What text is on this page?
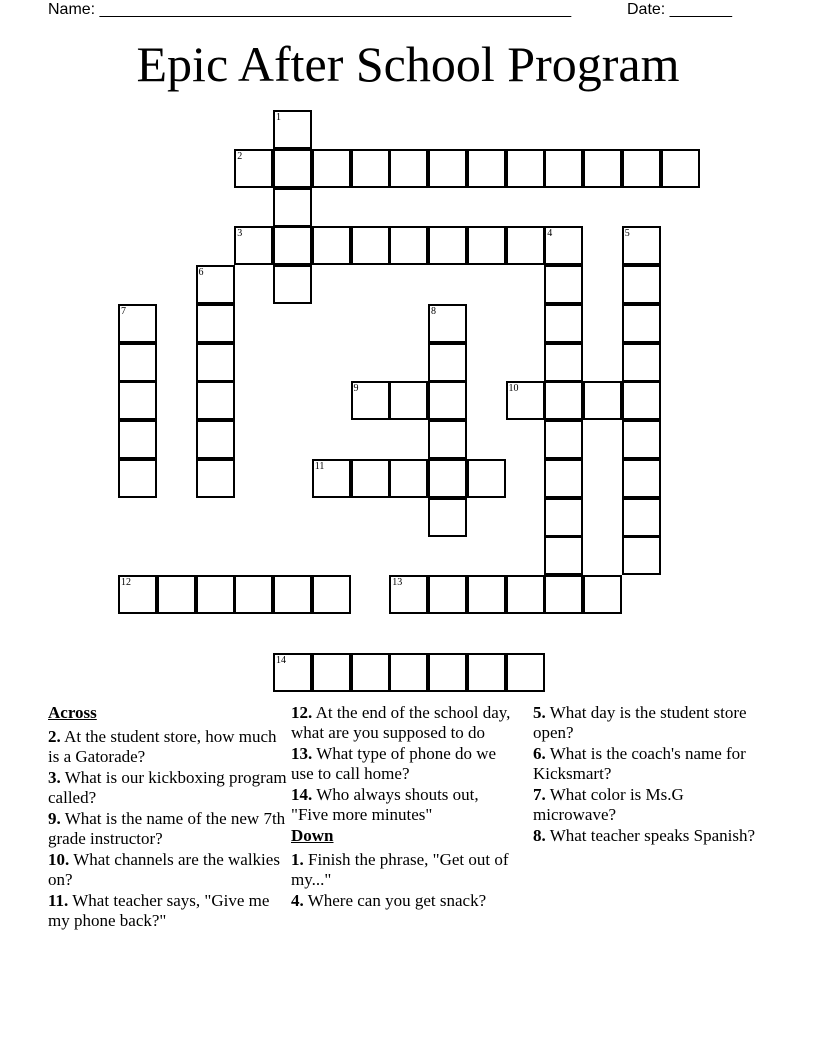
Name: _____________________________________________________	Date: _______
Epic After School Program
2
3	4
9	10
11
12	13
14
1
5
6
7	8
Across
2. At the student store, how much is a Gatorade?
3. What is our kickboxing program called?
9. What is the name of the new 7th grade instructor?
10. What channels are the walkies on?
11. What teacher says, "Give me my phone back?"
12. At the end of the school day, what are you supposed to do
13. What type of phone do we use to call home?
14. Who always shouts out, "Five more minutes"
Down
1. Finish the phrase, "Get out of my..."
4. Where can you get snack?
5. What day is the student store open?
6. What is the coach's name for Kicksmart?
7. What color is Ms.G microwave?
8. What teacher speaks Spanish?
